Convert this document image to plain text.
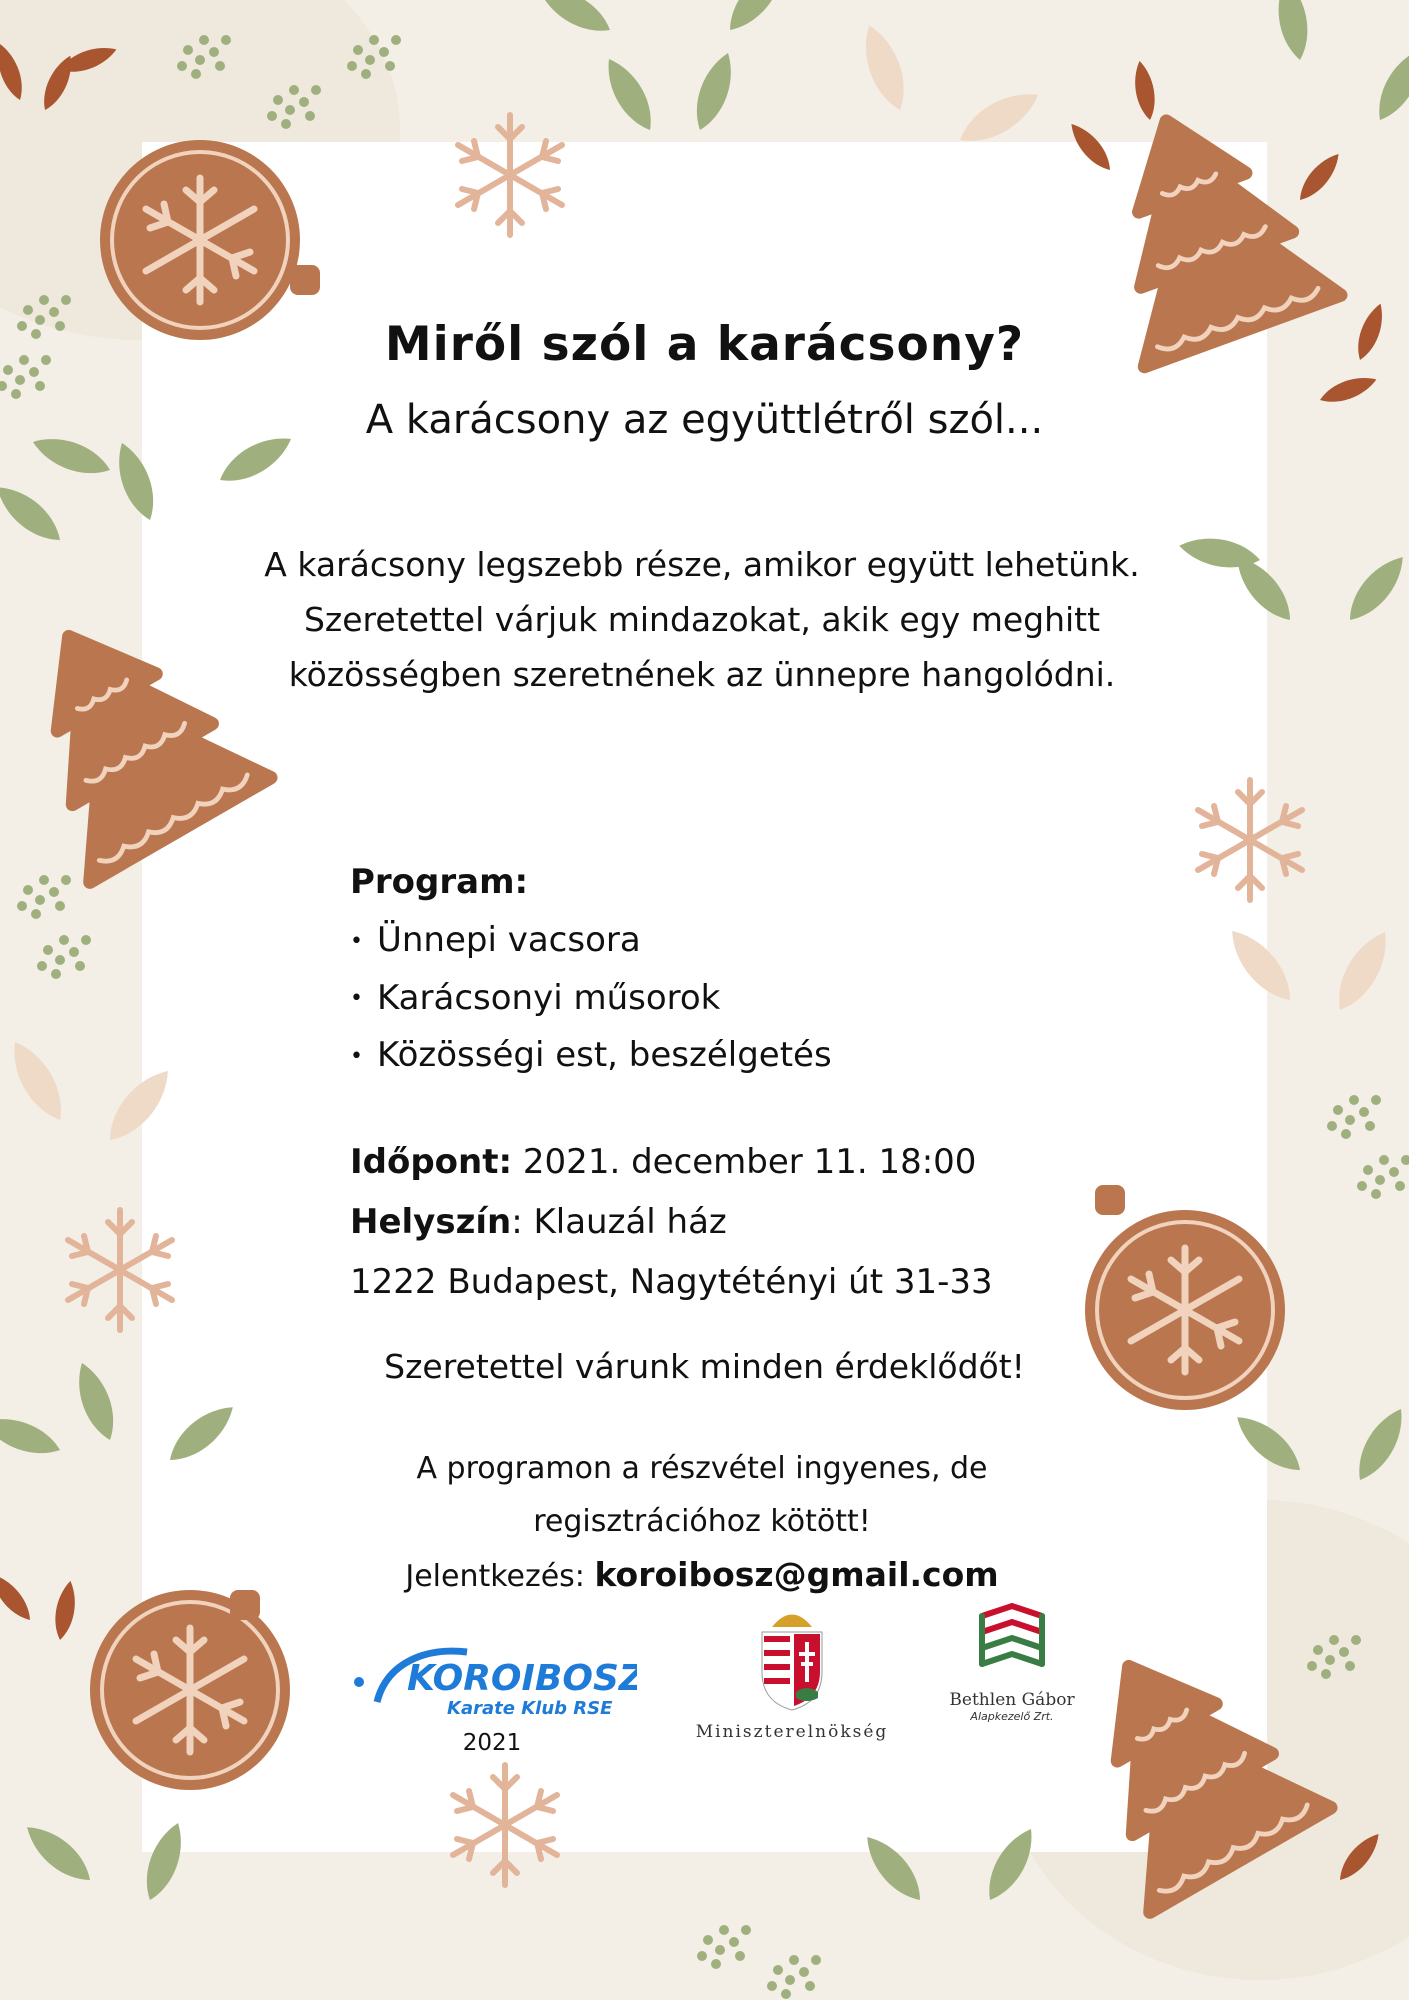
Miről szól a karácsony?
A karácsony az együttlétről szól...

A karácsony legszebb része, amikor együtt lehetünk.

Szeretettel várjuk mindazokat, akik egy meghitt közösségben szeretnének az ünnepre hangolódni.

Program:
• Ünnepi vacsora
• Karácsonyi műsorok
• Közösségi est, beszélgetés
Időpont: 2021. december 11. 18:00
Helyszín: Klauzál ház
1222 Budapest, Nagytétényi út 31-33
Szeretettel várunk minden érdeklődőt!
A programon a részvétel ingyenes, de regisztrációhoz kötött!
Jelentkezés: koroibosz@gmail.com
KOROIBOSZ
Karate Klub RSE
2021	Miniszterelnökség
Bethlen Gábor
Alapkezelő Zrt.
